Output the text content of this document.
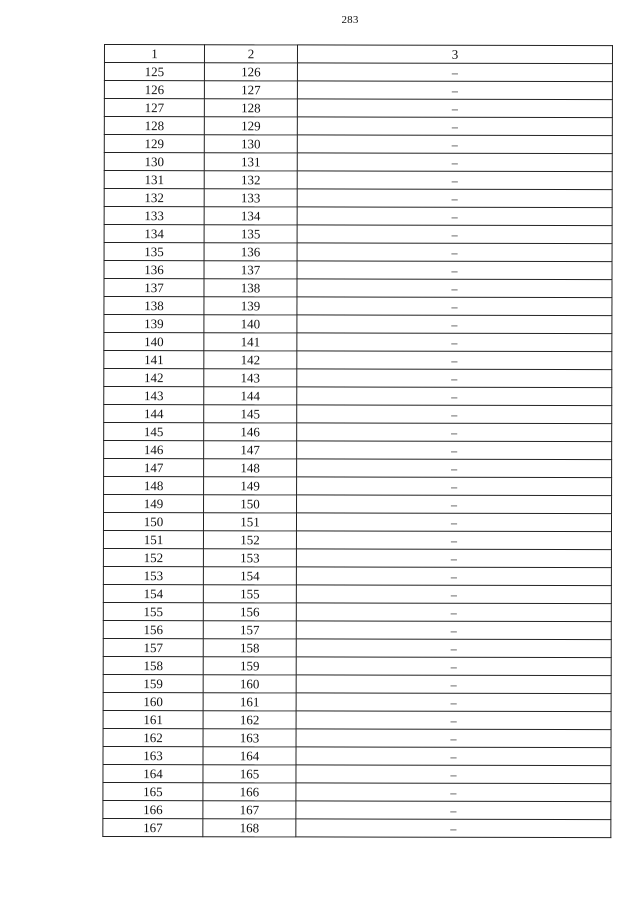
283
1	2	3
125	126	–
126	127	–
127	128	–
128	129	–
129	130	–
130	131	–
131	132	–
132	133	–
133	134	–
134	135	–
135	136	–
136	137	–
137	138	–
138	139	–
139	140	–
140	141	–
141	142	–
142	143	–
143	144	–
144	145	–
145	146	–
146	147	–
147	148	–
148	149	–
149	150	–
150	151	–
151	152	–
152	153	–
153	154	–
154	155	–
155	156	–
156	157	–
157	158	–
158	159	–
159	160	–
160	161	–
161	162	–
162	163	–
163	164	–
164	165	–
165	166	–
166	167	–
167	168	–
